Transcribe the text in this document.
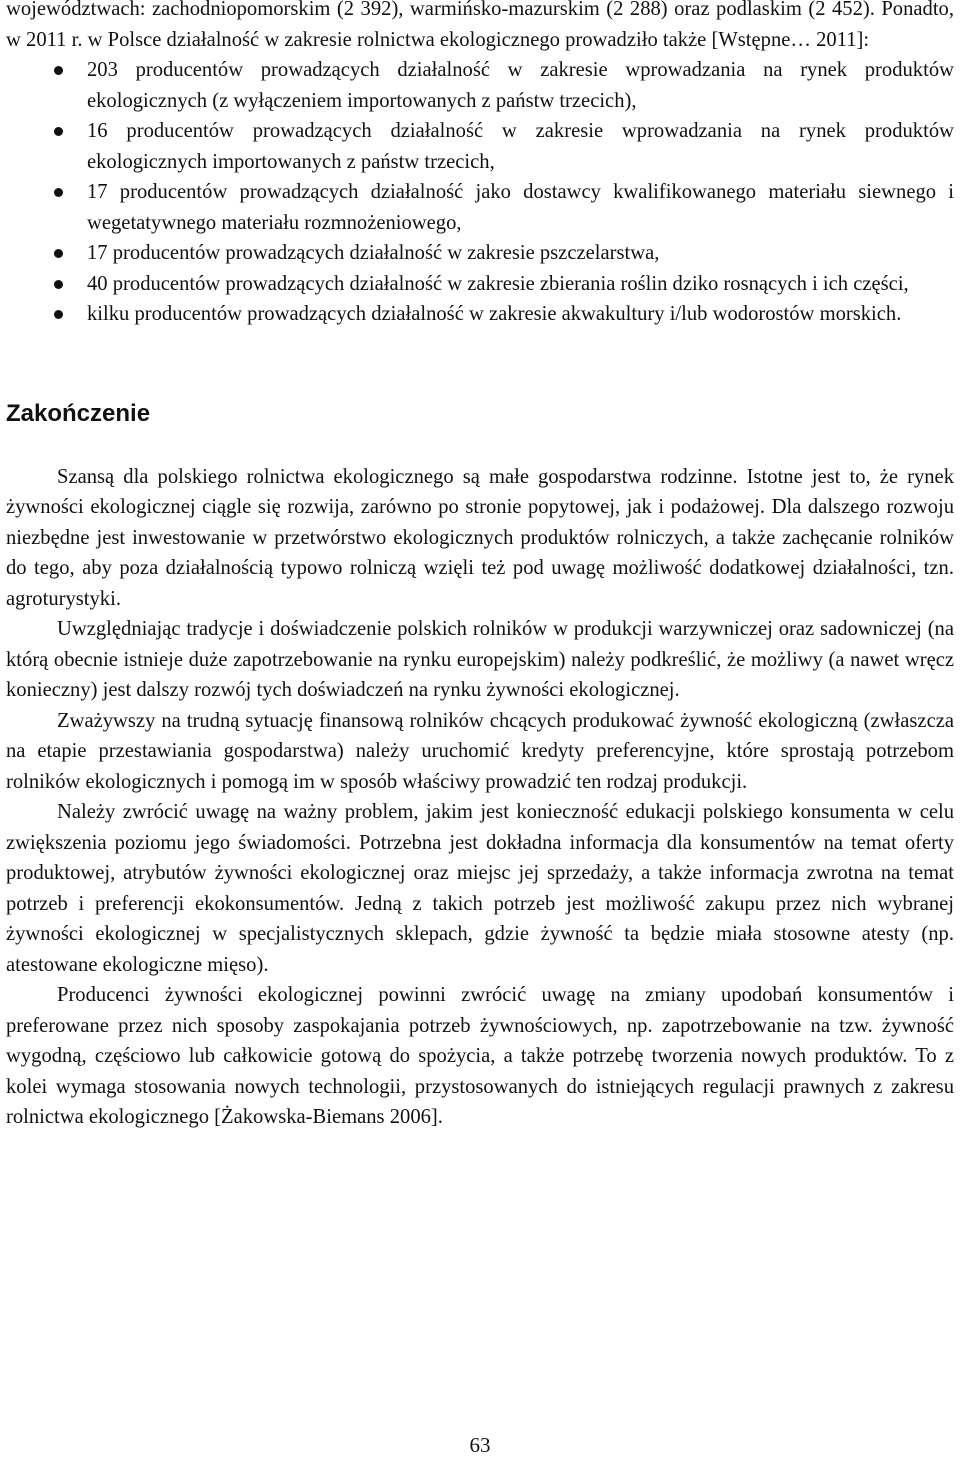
województwach: zachodniopomorskim (2 392), warmińsko-mazurskim (2 288) oraz podlaskim (2 452). Ponadto, w 2011 r. w Polsce działalność w zakresie rolnictwa ekologicznego prowadziło także [Wstępne… 2011]:

203 producentów prowadzących działalność w zakresie wprowadzania na rynek produktów ekologicznych (z wyłączeniem importowanych z państw trzecich),
16 producentów prowadzących działalność w zakresie wprowadzania na rynek produktów ekologicznych importowanych z państw trzecich,
17 producentów prowadzących działalność jako dostawcy kwalifikowanego materiału siewnego i wegetatywnego materiału rozmnożeniowego,
17 producentów prowadzących działalność w zakresie pszczelarstwa,
40 producentów prowadzących działalność w zakresie zbierania roślin dziko rosnących i ich części,
kilku producentów prowadzących działalność w zakresie akwakultury i/lub wodorostów morskich.
Zakończenie

Szansą dla polskiego rolnictwa ekologicznego są małe gospodarstwa rodzinne. Istotne jest to, że rynek żywności ekologicznej ciągle się rozwija, zarówno po stronie popytowej, jak i podażowej. Dla dalszego rozwoju niezbędne jest inwestowanie w przetwórstwo ekologicznych produktów rolniczych, a także zachęcanie rolników do tego, aby poza działalnością typowo rolniczą wzięli też pod uwagę możliwość dodatkowej działalności, tzn. agroturystyki.

Uwzględniając tradycje i doświadczenie polskich rolników w produkcji warzywniczej oraz sadowniczej (na którą obecnie istnieje duże zapotrzebowanie na rynku europejskim) należy podkreślić, że możliwy (a nawet wręcz konieczny) jest dalszy rozwój tych doświadczeń na rynku żywności ekologicznej.

Zważywszy na trudną sytuację finansową rolników chcących produkować żywność ekologiczną (zwłaszcza na etapie przestawiania gospodarstwa) należy uruchomić kredyty preferencyjne, które sprostają potrzebom rolników ekologicznych i pomogą im w sposób właściwy prowadzić ten rodzaj produkcji.

Należy zwrócić uwagę na ważny problem, jakim jest konieczność edukacji polskiego konsumenta w celu zwiększenia poziomu jego świadomości. Potrzebna jest dokładna informacja dla konsumentów na temat oferty produktowej, atrybutów żywności ekologicznej oraz miejsc jej sprzedaży, a także informacja zwrotna na temat potrzeb i preferencji ekokonsumentów. Jedną z takich potrzeb jest możliwość zakupu przez nich wybranej żywności ekologicznej w specjalistycznych sklepach, gdzie żywność ta będzie miała stosowne atesty (np. atestowane ekologiczne mięso).

Producenci żywności ekologicznej powinni zwrócić uwagę na zmiany upodobań konsumentów i preferowane przez nich sposoby zaspokajania potrzeb żywnościowych, np. zapotrzebowanie na tzw. żywność wygodną, częściowo lub całkowicie gotową do spożycia, a także potrzebę tworzenia nowych produktów. To z kolei wymaga stosowania nowych technologii, przystosowanych do istniejących regulacji prawnych z zakresu rolnictwa ekologicznego [Żakowska-Biemans 2006].

63
